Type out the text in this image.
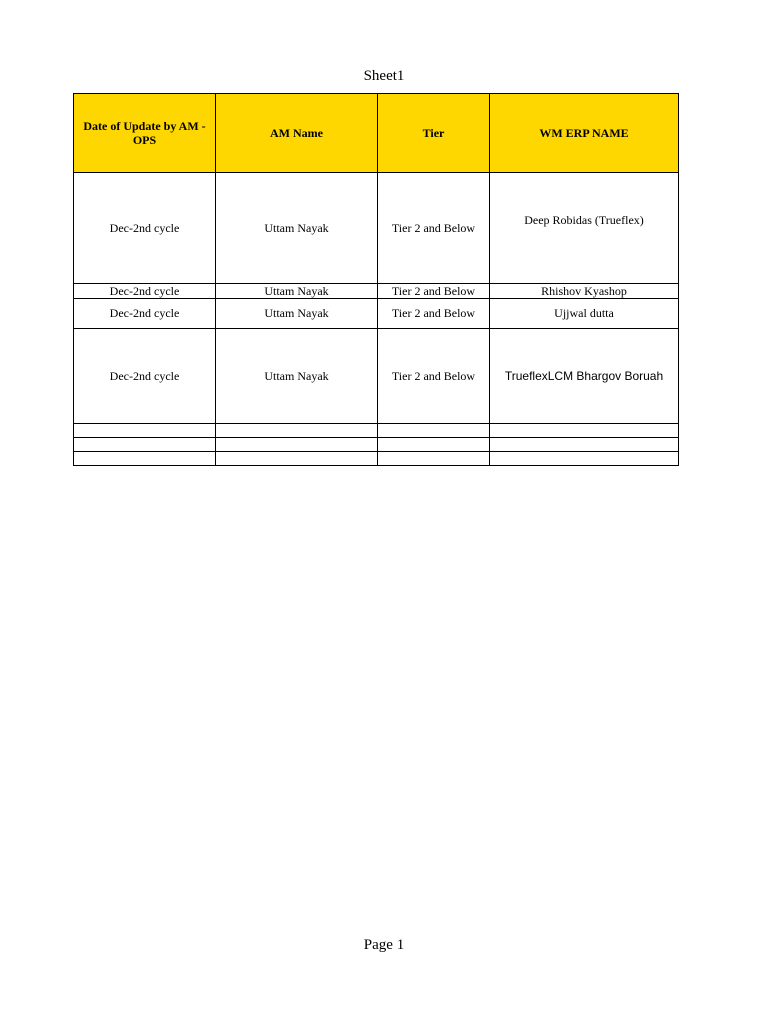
Sheet1
Date of Update by AM - OPS	AM Name	Tier	WM ERP NAME
Dec-2nd cycle	Uttam Nayak	Tier 2 and Below	Deep Robidas (Trueflex)

Dec-2nd cycle	Uttam Nayak	Tier 2 and Below	Rhishov Kyashop
Dec-2nd cycle	Uttam Nayak	Tier 2 and Below	Ujjwal dutta

Dec-2nd cycle	Uttam Nayak	Tier 2 and Below	TrueflexLCM Bhargov Boruah

Page 1
